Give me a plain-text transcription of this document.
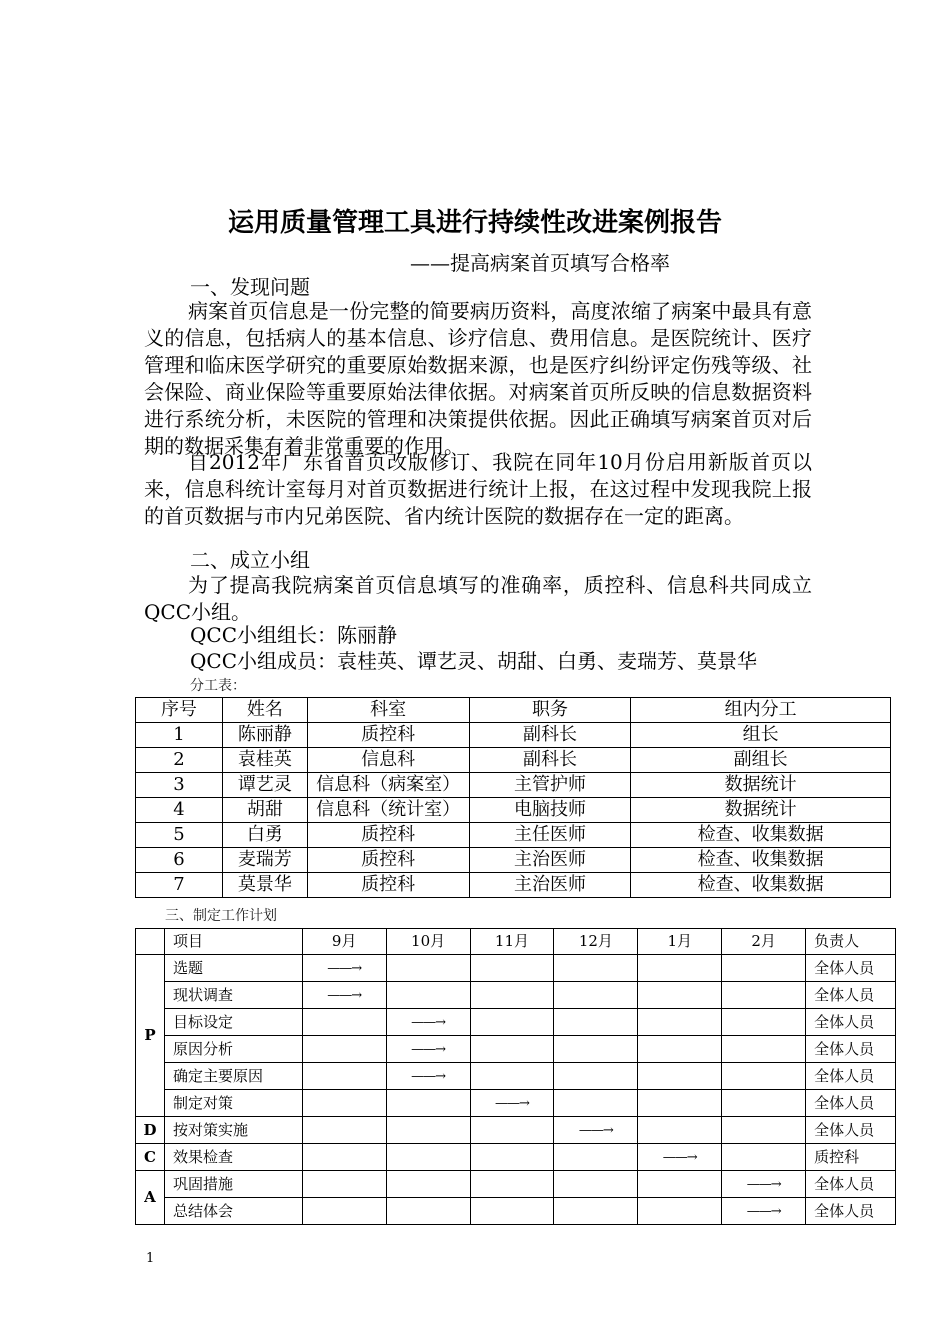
运用质量管理工具进行持续性改进案例报告
——提高病案首页填写合格率
一、发现问题
病案首页信息是一份完整的简要病历资料，高度浓缩了病案中最具有意义的信息，包括病人的基本信息、诊疗信息、费用信息。是医院统计、医疗管理和临床医学研究的重要原始数据来源，也是医疗纠纷评定伤残等级、社会保险、商业保险等重要原始法律依据。对病案首页所反映的信息数据资料进行系统分析，未医院的管理和决策提供依据。因此正确填写病案首页对后期的数据采集有着非常重要的作用。
自2012年广东省首页改版修订、我院在同年10月份启用新版首页以来，信息科统计室每月对首页数据进行统计上报，在这过程中发现我院上报的首页数据与市内兄弟医院、省内统计医院的数据存在一定的距离。
二、成立小组
为了提高我院病案首页信息填写的准确率，质控科、信息科共同成立QCC小组。
QCC小组组长：陈丽静
QCC小组成员：袁桂英、谭艺灵、胡甜、白勇、麦瑞芳、莫景华
分工表：
序号	姓名	科室	职务	组内分工
1	陈丽静	质控科	副科长	组长
2	袁桂英	信息科	副科长	副组长
3	谭艺灵	信息科（病案室）	主管护师	数据统计
4	胡甜	信息科（统计室）	电脑技师	数据统计
5	白勇	质控科	主任医师	检查、收集数据
6	麦瑞芳	质控科	主治医师	检查、收集数据
7	莫景华	质控科	主治医师	检查、收集数据
三、制定工作计划
	项目	9月	10月	11月	12月	1月	2月	负责人
P	选题	——→						全体人员
	现状调查	——→						全体人员
	目标设定		——→					全体人员
	原因分析		——→					全体人员
	确定主要原因		——→					全体人员
	制定对策			——→				全体人员
D	按对策实施				——→			全体人员
C	效果检查					——→		质控科
A	巩固措施						——→	全体人员
	总结体会						——→	全体人员
1
